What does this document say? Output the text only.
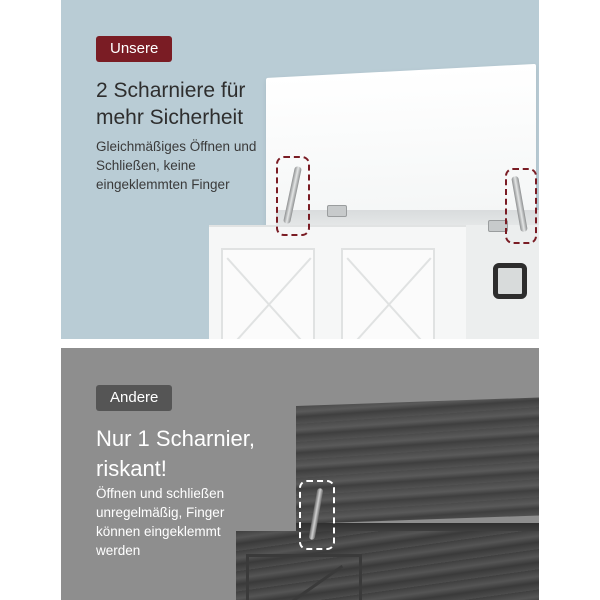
Unsere
2 Scharniere für mehr Sicherheit

Gleichmäßiges Öffnen und Schließen, keine eingeklemmten Finger

Andere
Nur 1 Scharnier, riskant!

Öffnen und schließen unregelmäßig, Finger können eingeklemmt werden
